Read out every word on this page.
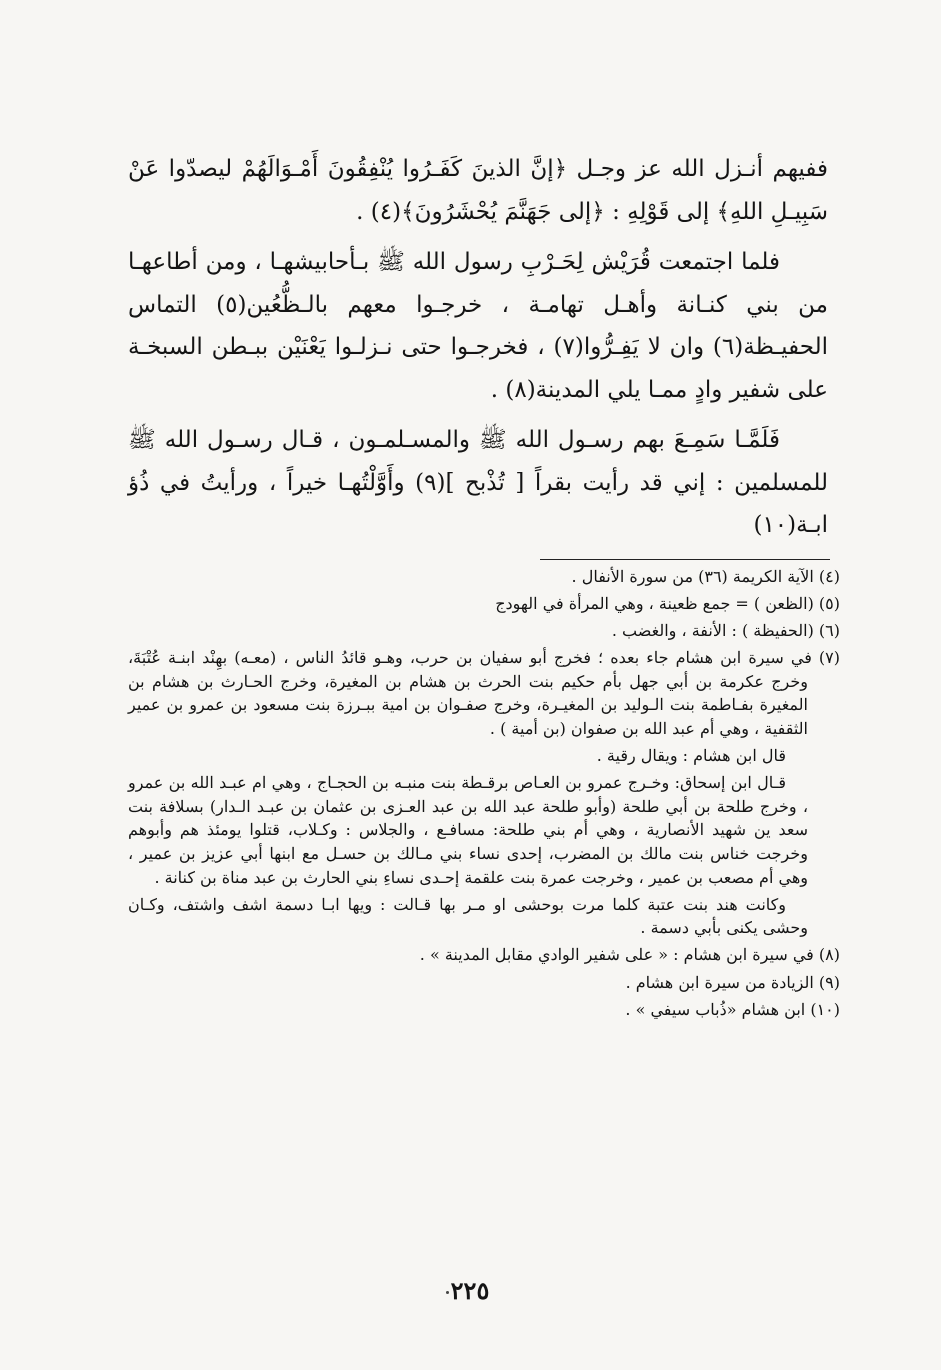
ففيهم أنـزل الله عز وجـل ﴿إنَّ الذينَ كَفَـرُوا يُنْفِقُونَ أَمْـوَالَهُمْ ليصدّوا عَنْ سَبِيـلِ اللهِ﴾ إلى قَوْلِهِ : ﴿إلى جَهَنَّمَ يُحْشَرُونَ﴾(٤) .

فلما اجتمعت قُرَيْش لِحَـرْبِ رسول الله ﷺ بـأحابيشهـا ، ومن أطاعهـا من بني كنـانة وأهـل تهامـة ، خرجـوا معهم بالـظُّعُين(٥) التماس الحفيـظة(٦) وان لا يَفِـرُّوا(٧) ، فخرجـوا حتى نـزلـوا يَعْنَيْن ببـطن السبخـة على شفير وادٍ ممـا يلي المدينة(٨) .

فَلَمَّـا سَمِـعَ بهم رسـول الله ﷺ والمسـلمـون ، قـال رسـول الله ﷺ للمسلمين : إني قد رأيت بقراً [ تُذْبح ](٩) وأَوَّلْتُهـا خيراً ، ورأيتُ في ذُؤ ابـة(١٠)

(٤) الآية الكريمة (٣٦) من سورة الأنفال .

(٥) (الظعن ) = جمع ظعينة ، وهي المرأة في الهودج

(٦) (الحفيظة ) : الأنفة ، والغضب .

(٧) في سيرة ابن هشام جاء بعده ؛ فخرج أبو سفيان بن حرب، وهـو قائدُ الناس ، (معـه) بهِنْد ابنـة عُتْبَةَ، وخرج عكرمة بن أبي جهل بأم حكيم بنت الحرث بن هشام بن المغيرة، وخرج الحـارث بن هشام بن المغيرة بفـاطمة بنت الـوليد بن المغيـرة، وخرج صفـوان بن امية ببـرزة بنت مسعود بن عمرو بن عمير الثقفية ، وهي أم عبد الله بن صفوان (بن أمية ) .

قال ابن هشام : ويقال رقية .

قـال ابن إسحاق: وخـرج عمرو بن العـاص برقـطة بنت منبـه بن الحجـاج ، وهي ام عبـد الله بن عمرو ، وخرج طلحة بن أبي طلحة (وأبو طلحة عبد الله بن عبد العـزى بن عثمان بن عبـد الـدار) بسلافة بنت سعد ين شهيد الأنصارية ، وهي أم بني طلحة: مسافـع ، والجلاس : وكـلاب، قتلوا يومئذ هم وأبوهم وخرجت خناس بنت مالك بن المضرب، إحدى نساء بني مـالك بن حسـل مع ابنها أبي عزيز بن عمير ، وهي أم مصعب بن عمير ، وخرجت عمرة بنت علقمة إحـدى نساءِ بني الحارث بن عبد مناة بن كنانة .

وكانت هند بنت عتبة كلما مرت بوحشى او مـر بها قـالت : ويها ابـا دسمة اشف واشتف، وكـان وحشى يكنى بأبي دسمة .

(٨) في سيرة ابن هشام : « على شفير الوادي مقابل المدينة » .

(٩) الزيادة من سيرة ابن هشام .

(١٠) ابن هشام «ذُباب سيفي » .

٢٢٥
